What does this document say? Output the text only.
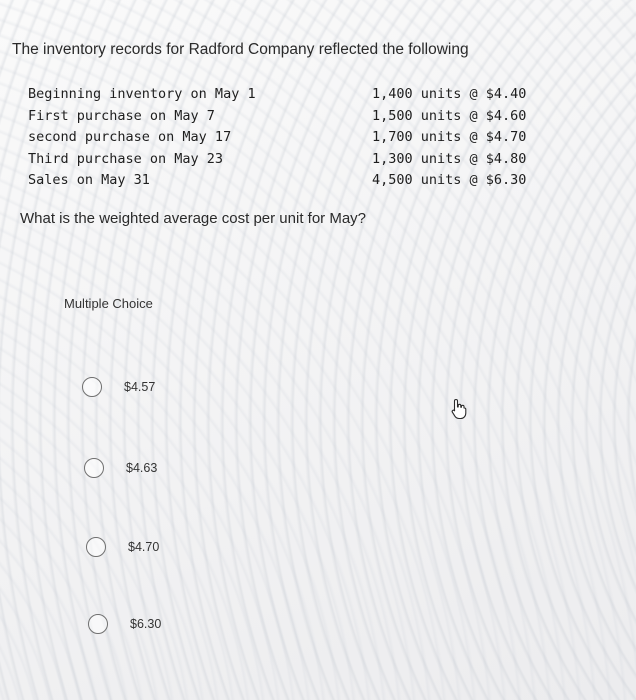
The inventory records for Radford Company reflected the following
Beginning inventory on May 1	1,400 units @ $4.40
First purchase on May 7	1,500 units @ $4.60
second purchase on May 17	1,700 units @ $4.70
Third purchase on May 23	1,300 units @ $4.80
Sales on May 31	4,500 units @ $6.30
What is the weighted average cost per unit for May?
Multiple Choice
$4.57
$4.63
$4.70
$6.30
